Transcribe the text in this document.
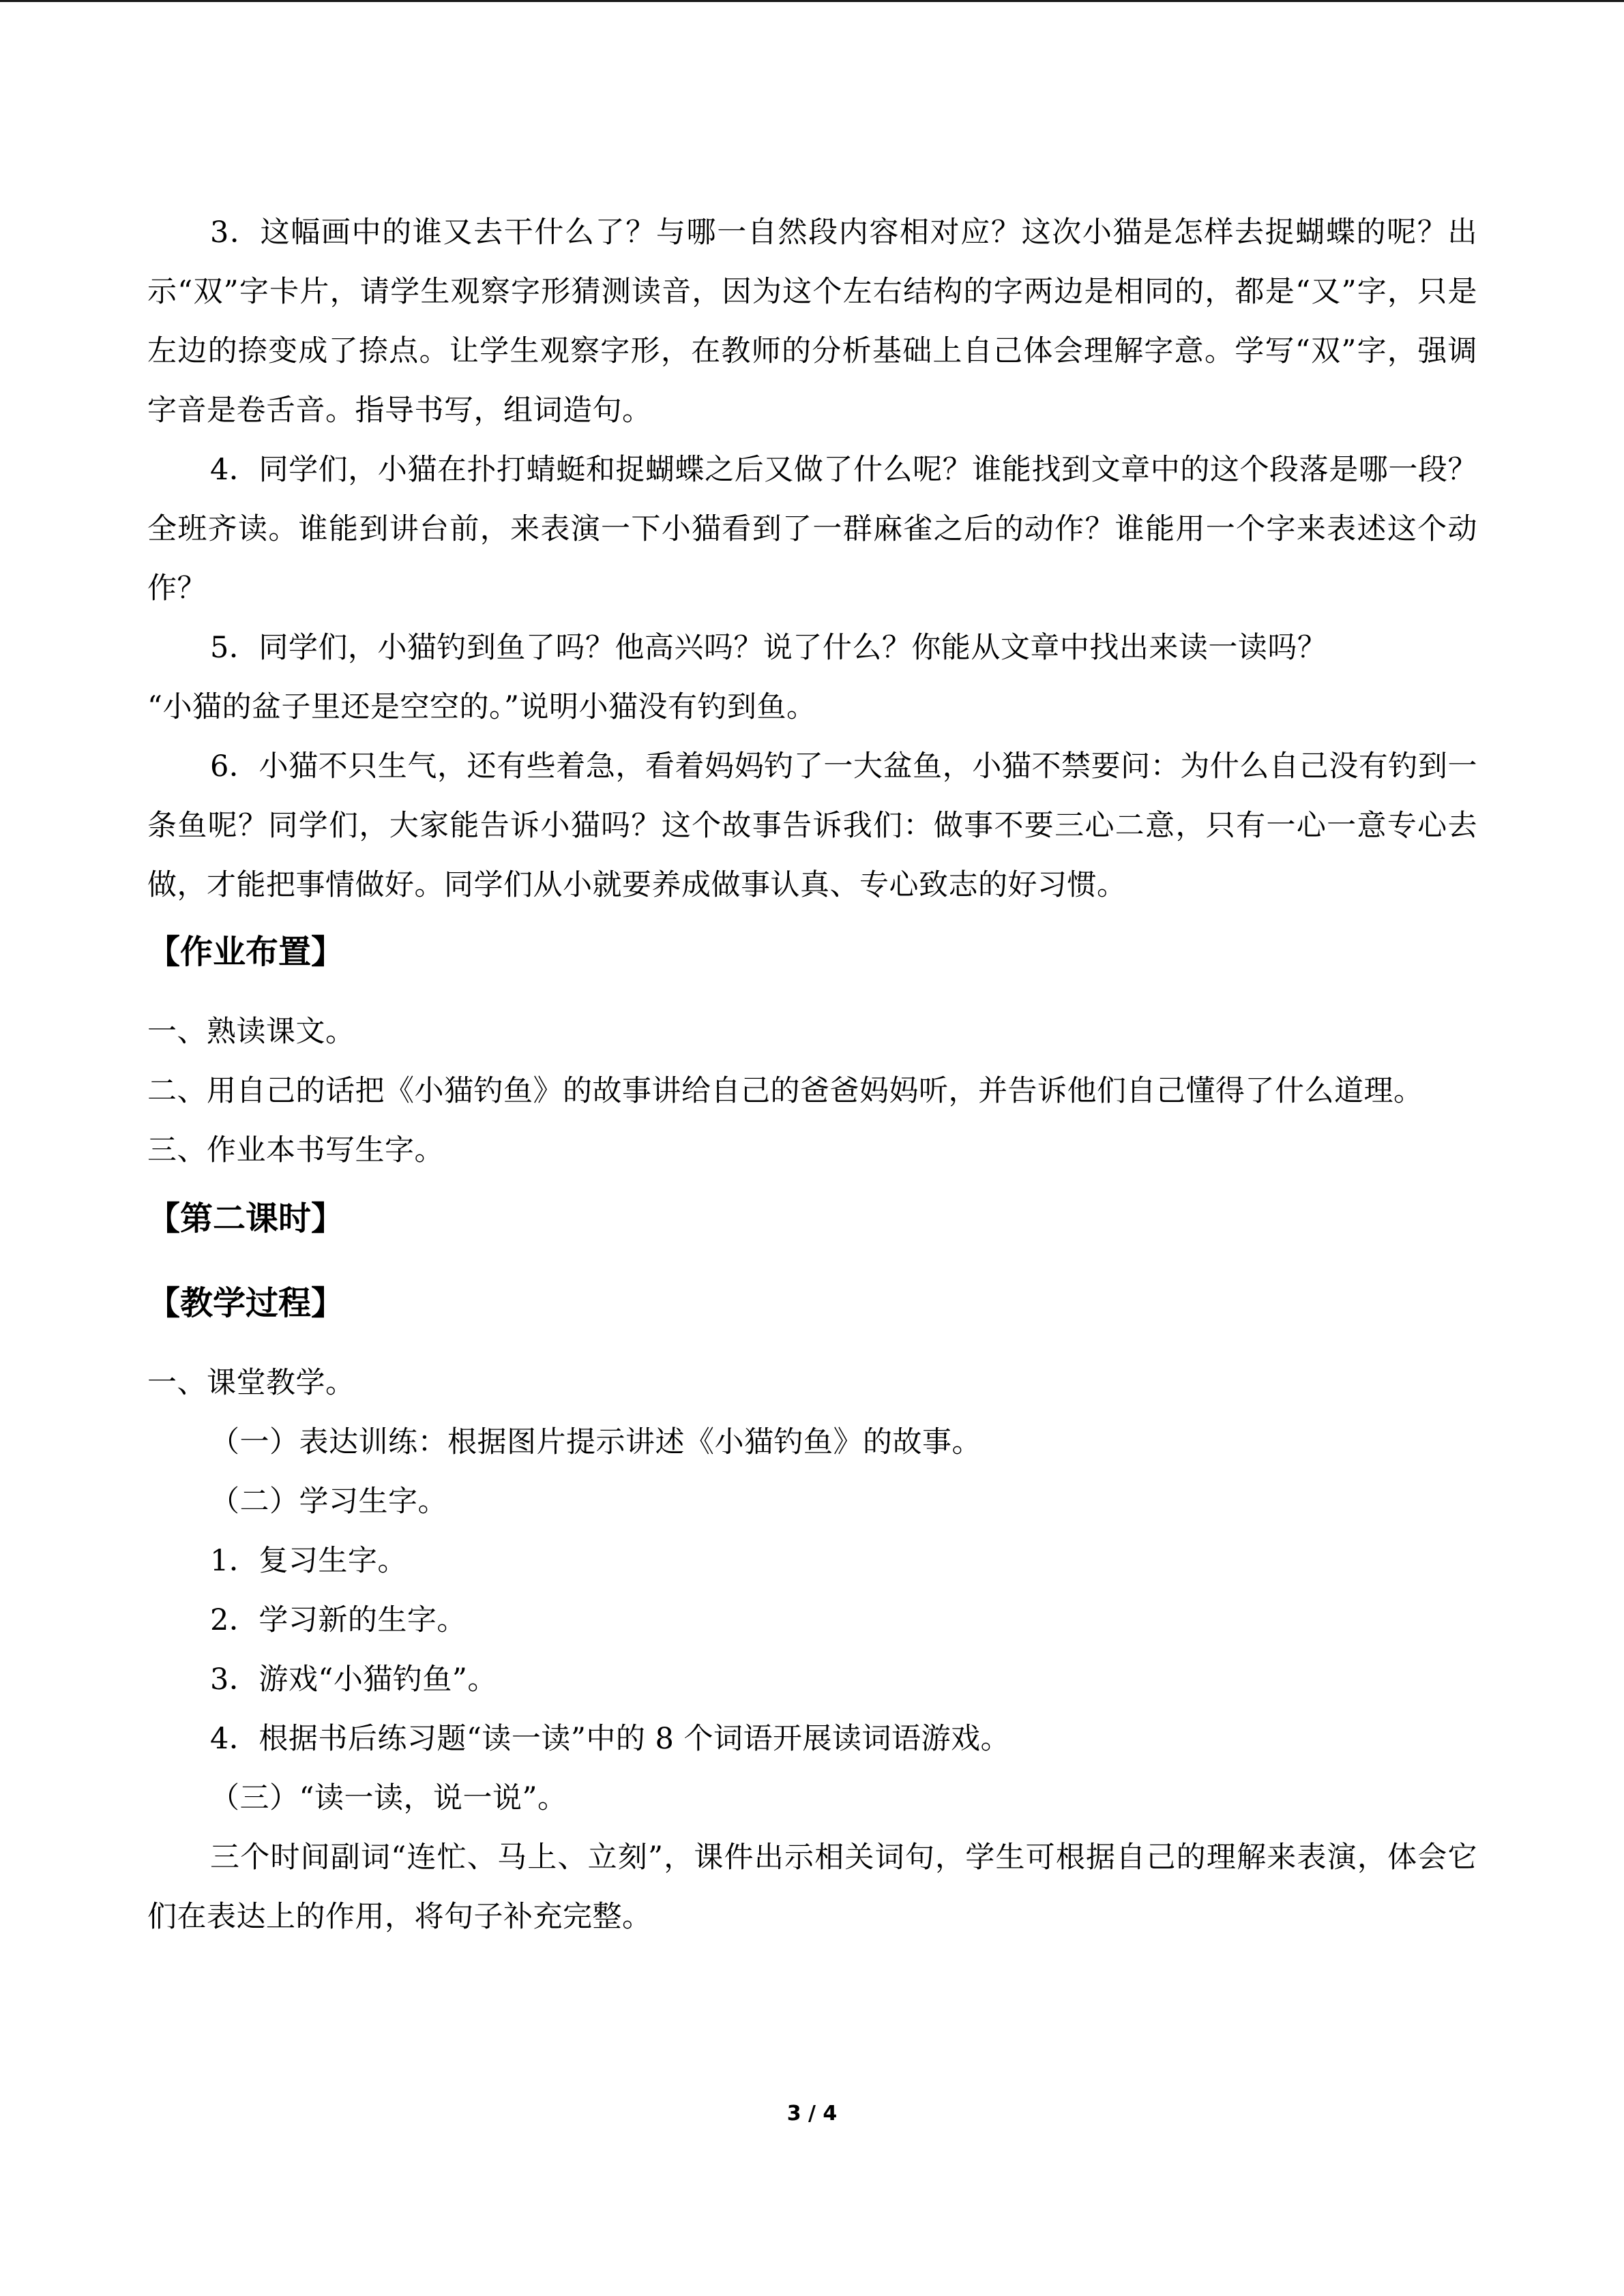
3．这幅画中的谁又去干什么了？与哪一自然段内容相对应？这次小猫是怎样去捉蝴蝶的呢？出示“双”字卡片，请学生观察字形猜测读音，因为这个左右结构的字两边是相同的，都是“又”字，只是左边的捺变成了捺点。让学生观察字形，在教师的分析基础上自己体会理解字意。学写“双”字，强调字音是卷舌音。指导书写，组词造句。

4．同学们，小猫在扑打蜻蜓和捉蝴蝶之后又做了什么呢？谁能找到文章中的这个段落是哪一段？全班齐读。谁能到讲台前，来表演一下小猫看到了一群麻雀之后的动作？谁能用一个字来表述这个动作？

5．同学们，小猫钓到鱼了吗？他高兴吗？说了什么？你能从文章中找出来读一读吗？

“小猫的盆子里还是空空的。”说明小猫没有钓到鱼。

6．小猫不只生气，还有些着急，看着妈妈钓了一大盆鱼，小猫不禁要问：为什么自己没有钓到一条鱼呢？同学们，大家能告诉小猫吗？这个故事告诉我们：做事不要三心二意，只有一心一意专心去做，才能把事情做好。同学们从小就要养成做事认真、专心致志的好习惯。

【作业布置】

一、熟读课文。

二、用自己的话把《小猫钓鱼》的故事讲给自己的爸爸妈妈听，并告诉他们自己懂得了什么道理。

三、作业本书写生字。

【第二课时】
【教学过程】

一、课堂教学。

（一）表达训练：根据图片提示讲述《小猫钓鱼》的故事。

（二）学习生字。

1．复习生字。

2．学习新的生字。

3．游戏“小猫钓鱼”。

4．根据书后练习题“读一读”中的 8 个词语开展读词语游戏。

（三）“读一读，说一说”。

三个时间副词“连忙、马上、立刻”，课件出示相关词句，学生可根据自己的理解来表演，体会它们在表达上的作用，将句子补充完整。

3 / 4
